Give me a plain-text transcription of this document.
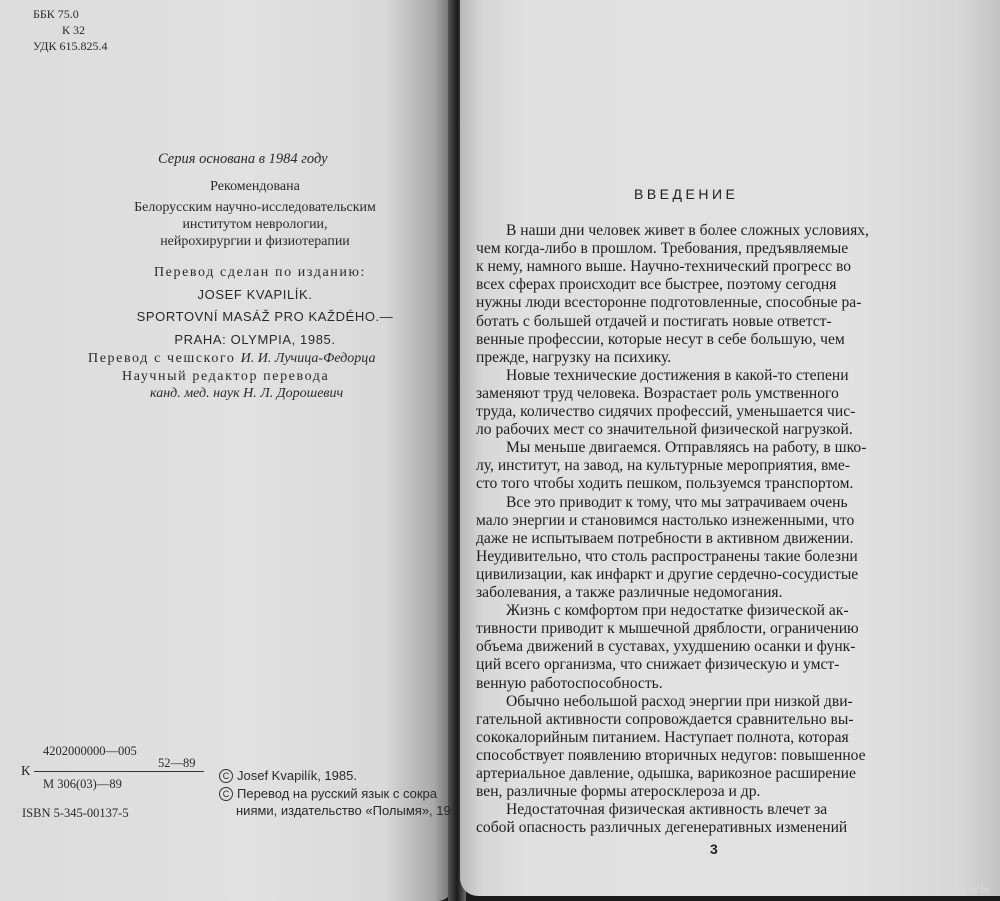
ББК 75.0
К 32
УДК 615.825.4
Серия основана в 1984 году
Рекомендована
Белорусским научно-исследовательским
институтом неврологии,
нейрохирургии и физиотерапии
Перевод сделан по изданию:
JOSEF KVAPILÍK.
SPORTOVNÍ MASÁŽ PRO KAŽDÉHO.—
PRAHA: OLYMPIA, 1985.
Перевод с чешского И. И. Лучица-Федорца
Научный редактор перевода
канд. мед. наук Н. Л. Дорошевич
4202000000—005
К
52—89
М 306(03)—89
ISBN 5-345-00137-5
C Josef Kvapilík, 1985.
C Перевод на русский язык с сокра
ниями, издательство «Полымя», 19
ВВЕДЕНИЕ
В наши дни человек живет в более сложных условиях,
чем когда-либо в прошлом. Требования, предъявляемые
к нему, намного выше. Научно-технический прогресс во
всех сферах происходит все быстрее, поэтому сегодня
нужны люди всесторонне подготовленные, способные ра-
ботать с большей отдачей и постигать новые ответст-
венные профессии, которые несут в себе большую, чем
прежде, нагрузку на психику.
Новые технические достижения в какой-то степени
заменяют труд человека. Возрастает роль умственного
труда, количество сидячих профессий, уменьшается чис-
ло рабочих мест со значительной физической нагрузкой.
Мы меньше двигаемся. Отправляясь на работу, в шко-
лу, институт, на завод, на культурные мероприятия, вме-
сто того чтобы ходить пешком, пользуемся транспортом.
Все это приводит к тому, что мы затрачиваем очень
мало энергии и становимся настолько изнеженными, что
даже не испытываем потребности в активном движении.
Неудивительно, что столь распространены такие болезни
цивилизации, как инфаркт и другие сердечно-сосудистые
заболевания, а также различные недомогания.
Жизнь с комфортом при недостатке физической ак-
тивности приводит к мышечной дряблости, ограничению
объема движений в суставах, ухудшению осанки и функ-
ций всего организма, что снижает физическую и умст-
венную работоспособность.
Обычно небольшой расход энергии при низкой дви-
гательной активности сопровождается сравнительно вы-
сококалорийным питанием. Наступает полнота, которая
способствует появлению вторичных недугов: повышенное
артериальное давление, одышка, варикозное расширение
вен, различные формы атеросклероза и др.
Недостаточная физическая активность влечет за
собой опасность различных дегенеративных изменений
3
www.ay.by
